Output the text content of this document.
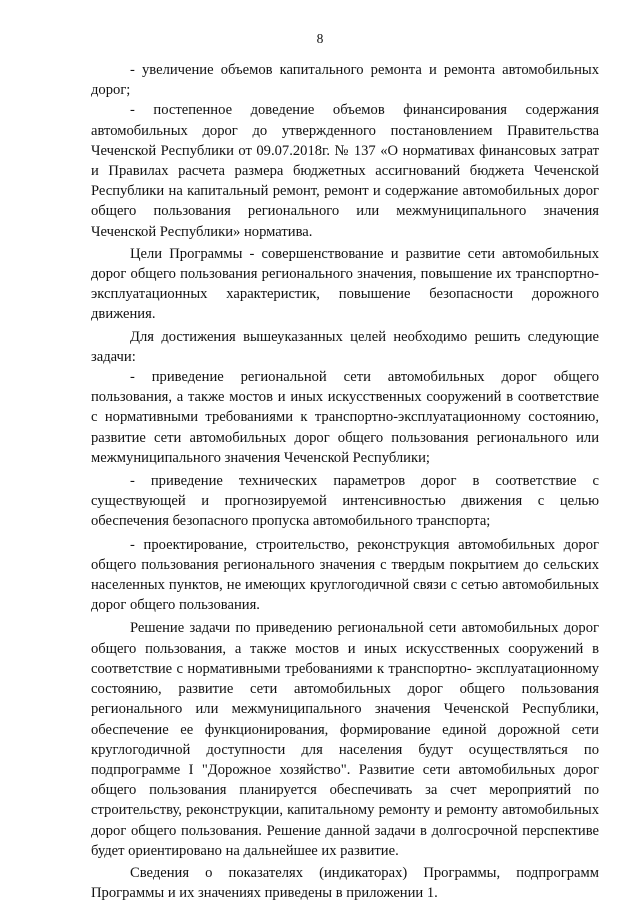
8

- увеличение объемов капитального ремонта и ремонта автомобильных дорог;

- постепенное доведение объемов финансирования содержания автомобильных дорог до утвержденного постановлением Правительства Чеченской Республики от 09.07.2018г. № 137 «О нормативах финансовых затрат и Правилах расчета размера бюджетных ассигнований бюджета Чеченской Республики на капитальный ремонт, ремонт и содержание автомобильных дорог общего пользования регионального или межмуниципального значения Чеченской Республики» норматива.

Цели Программы - совершенствование и развитие сети автомобильных дорог общего пользования регионального значения, повышение их транспортно-эксплуатационных характеристик, повышение безопасности дорожного движения.

Для достижения вышеуказанных целей необходимо решить следующие задачи:

- приведение региональной сети автомобильных дорог общего пользования, а также мостов и иных искусственных сооружений в соответствие с нормативными требованиями к транспортно-эксплуатационному состоянию, развитие сети автомобильных дорог общего пользования регионального или межмуниципального значения Чеченской Республики;

- приведение технических параметров дорог в соответствие с существующей и прогнозируемой интенсивностью движения с целью обеспечения безопасного пропуска автомобильного транспорта;

- проектирование, строительство, реконструкция автомобильных дорог общего пользования регионального значения с твердым покрытием до сельских населенных пунктов, не имеющих круглогодичной связи с сетью автомобильных дорог общего пользования.

Решение задачи по приведению региональной сети автомобильных дорог общего пользования, а также мостов и иных искусственных сооружений в соответствие с нормативными требованиями к транспортно- эксплуатационному состоянию, развитие сети автомобильных дорог общего пользования регионального или межмуниципального значения Чеченской Республики, обеспечение ее функционирования, формирование единой дорожной сети круглогодичной доступности для населения будут осуществляться по подпрограмме I "Дорожное хозяйство". Развитие сети автомобильных дорог общего пользования планируется обеспечивать за счет мероприятий по строительству, реконструкции, капитальному ремонту и ремонту автомобильных дорог общего пользования. Решение данной задачи в долгосрочной перспективе будет ориентировано на дальнейшее их развитие.

Сведения о показателях (индикаторах) Программы, подпрограмм Программы и их значениях приведены в приложении 1.
